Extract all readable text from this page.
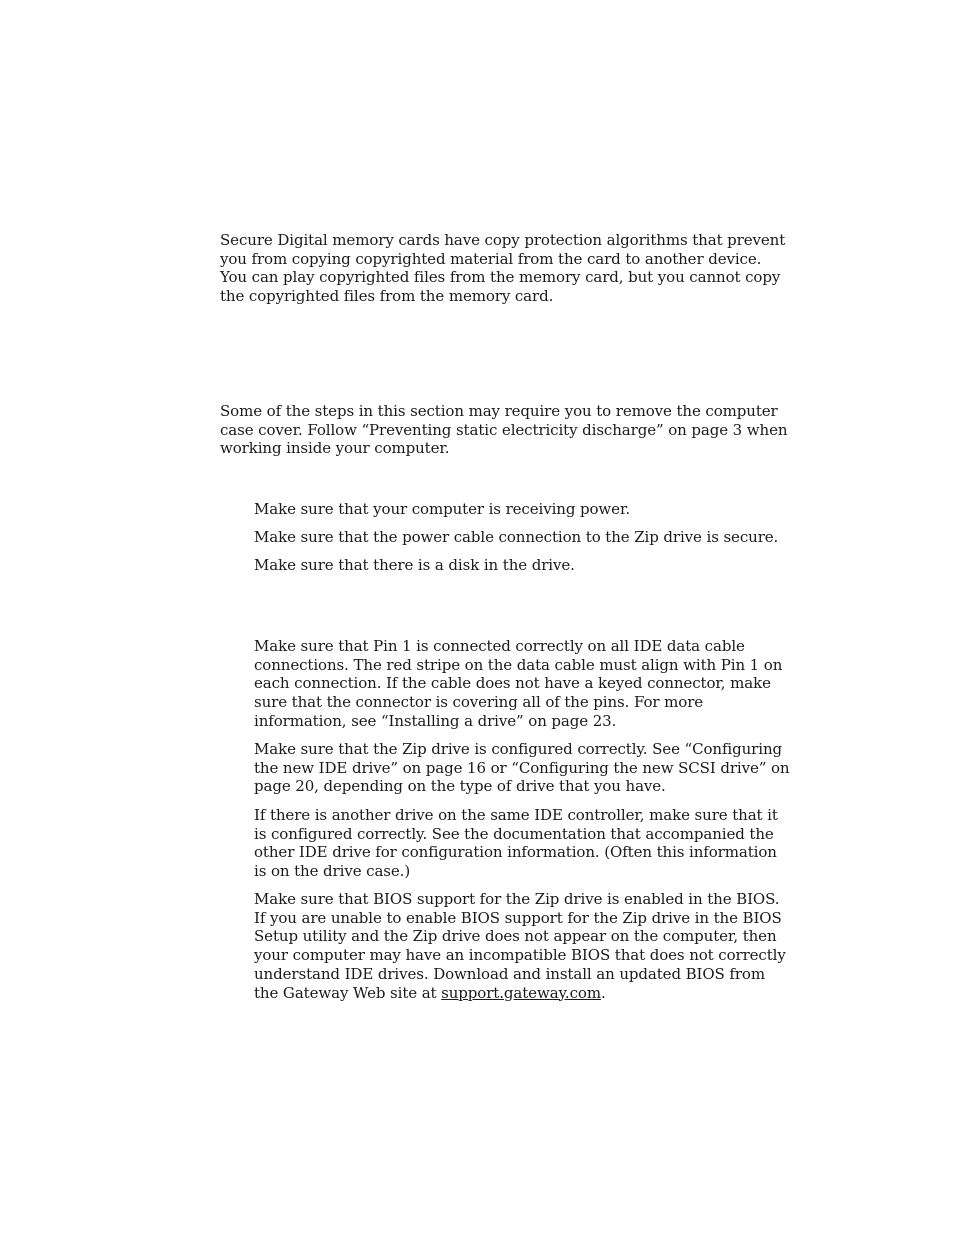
Secure Digital memory cards have copy protection algorithms that prevent you from copying copyrighted material from the card to another device. You can play copyrighted files from the memory card, but you cannot copy the copyrighted files from the memory card.

Some of the steps in this section may require you to remove the computer case cover. Follow “Preventing static electricity discharge” on page 3 when working inside your computer.

Make sure that your computer is receiving power.

Make sure that the power cable connection to the Zip drive is secure.

Make sure that there is a disk in the drive.

Make sure that Pin 1 is connected correctly on all IDE data cable connections. The red stripe on the data cable must align with Pin 1 on each connection. If the cable does not have a keyed connector, make sure that the connector is covering all of the pins. For more information, see “Installing a drive” on page 23.

Make sure that the Zip drive is configured correctly. See “Configuring the new IDE drive” on page 16 or “Configuring the new SCSI drive” on page 20, depending on the type of drive that you have.

If there is another drive on the same IDE controller, make sure that it is configured correctly. See the documentation that accompanied the other IDE drive for configuration information. (Often this information is on the drive case.)

Make sure that BIOS support for the Zip drive is enabled in the BIOS. If you are unable to enable BIOS support for the Zip drive in the BIOS Setup utility and the Zip drive does not appear on the computer, then your computer may have an incompatible BIOS that does not correctly understand IDE drives. Download and install an updated BIOS from the Gateway Web site at support.gateway.com.
